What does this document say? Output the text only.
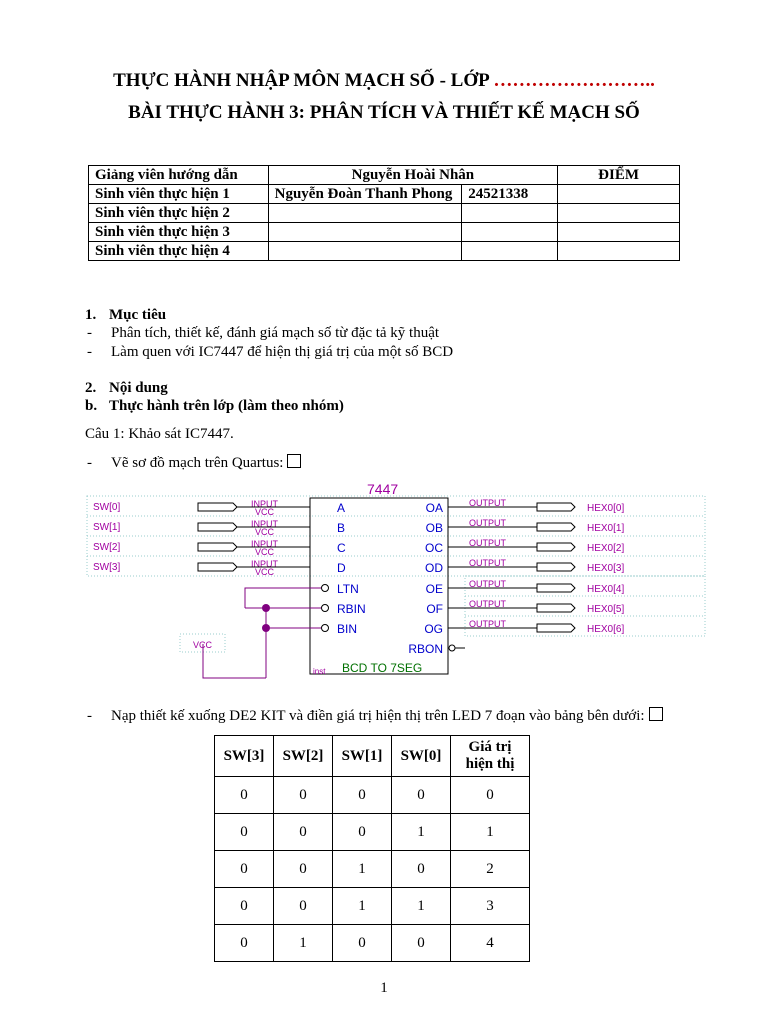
THỰC HÀNH NHẬP MÔN MẠCH SỐ - LỚP ……………………..
BÀI THỰC HÀNH 3: PHÂN TÍCH VÀ THIẾT KẾ MẠCH SỐ
Giảng viên hướng dẫn	Nguyễn Hoài Nhân		ĐIỂM
Sinh viên thực hiện 1	Nguyễn Đoàn Thanh Phong	24521338	
Sinh viên thực hiện 2			
Sinh viên thực hiện 3			
Sinh viên thực hiện 4			
1. Mục tiêu
- Phân tích, thiết kế, đánh giá mạch số từ đặc tả kỹ thuật
- Làm quen với IC7447 để hiện thị giá trị của một số BCD
2. Nội dung
b. Thực hành trên lớp (làm theo nhóm)
Câu 1: Khảo sát IC7447.
- Vẽ sơ đồ mạch trên Quartus:
7447
BCD TO 7SEG
inst
A
B
C
D
LTN
RBIN
BIN
OA
OB
OC
OD
OE
OF
OG
RBON
SW[0]	INPUT
VCC
SW[1]	INPUT
VCC
SW[2]	INPUT
VCC
SW[3]	INPUT
VCC
OUTPUT	HEX0[0]
OUTPUT	HEX0[1]
OUTPUT	HEX0[2]
OUTPUT	HEX0[3]
OUTPUT	HEX0[4]
OUTPUT	HEX0[5]
OUTPUT	HEX0[6]
VCC
- Nạp thiết kế xuống DE2 KIT và điền giá trị hiện thị trên LED 7 đoạn vào bảng bên dưới:
SW[3]	SW[2]	SW[1]	SW[0]	Giá trị
hiện thị
0	0	0	0	0
0	0	0	1	1
0	0	1	0	2
0	0	1	1	3
0	1	0	0	4
1
